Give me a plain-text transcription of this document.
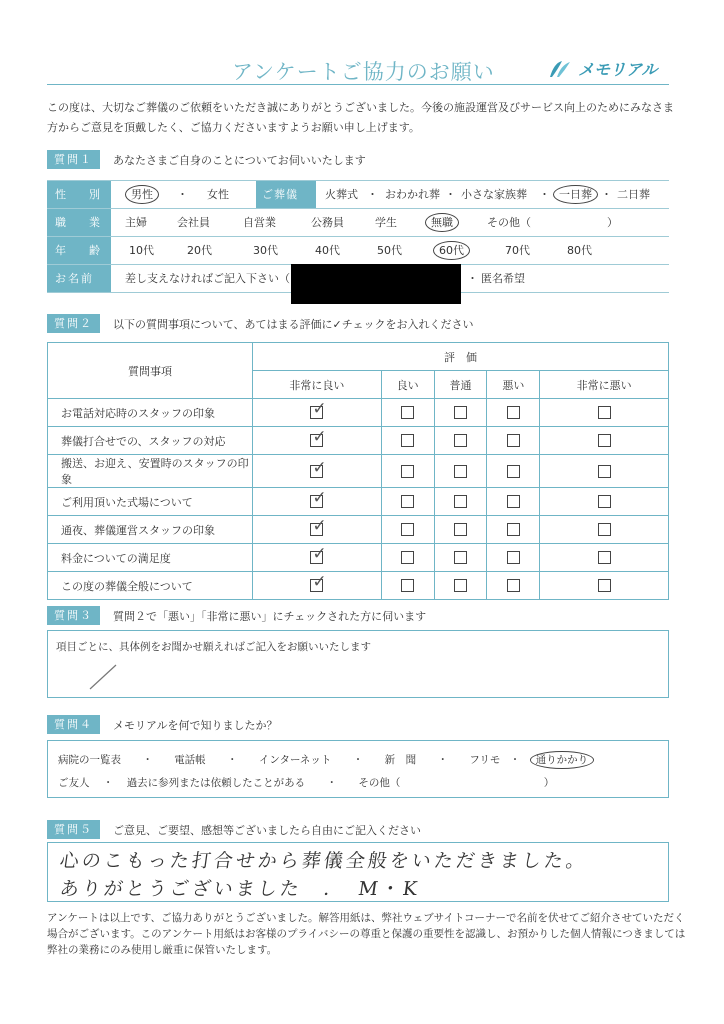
アンケートご協力のお願い	メモリアル
この度は、大切なご葬儀のご依頼をいただき誠にありがとうございました。今後の施設運営及びサービス向上のためにみなさま方からご意見を頂戴したく、ご協力くださいますようお願い申し上げます。
質問１	あなたさまご自身のことについてお伺いいたします
性　別	男性	・ 女性	ご葬儀	火葬式 ・ おわかれ葬 ・ 小さな家族葬 ・ 一日葬 ・ 二日葬
職　業	主婦	会社員	自営業	公務員	学生	無職	その他（	）
年　齢	10代	20代	30代	40代	50代	60代	70代	80代
お名前	差し支えなければご記入下さい（	・ 匿名希望
質問２	以下の質問事項について、あてはまる評価に✓チェックをお入れください
質問事項	評　価				
	非常に良い	良い	普通	悪い	非常に悪い
お電話対応時のスタッフの印象	✓				
葬儀打合せでの、スタッフの対応	✓				
搬送、お迎え、安置時のスタッフの印象	✓				
ご利用頂いた式場について	✓				
通夜、葬儀運営スタッフの印象	✓				
料金についての満足度	✓				
この度の葬儀全般について	✓				
質問３	質問２で「悪い」「非常に悪い」にチェックされた方に伺います
項目ごとに、具体例をお聞かせ願えればご記入をお願いいたします
質問４	メモリアルを何で知りましたか？
病院の一覧表 ・ 電話帳 ・ インターネット ・ 新　聞 ・ フリモ ・ 通りかかり
ご友人 ・ 過去に参列または依頼したことがある ・ その他（	）
質問５	ご意見、ご要望、感想等ございましたら自由にご記入ください
心のこもった打合せから葬儀全般をいただきました。
ありがとうございました　．　M・K
アンケートは以上です、ご協力ありがとうございました。解答用紙は、弊社ウェブサイトコーナーで名前を伏せてご紹介させていただく場合がございます。このアンケート用紙はお客様のプライバシーの尊重と保護の重要性を認識し、お預かりした個人情報につきましては弊社の業務にのみ使用し厳重に保管いたします。
